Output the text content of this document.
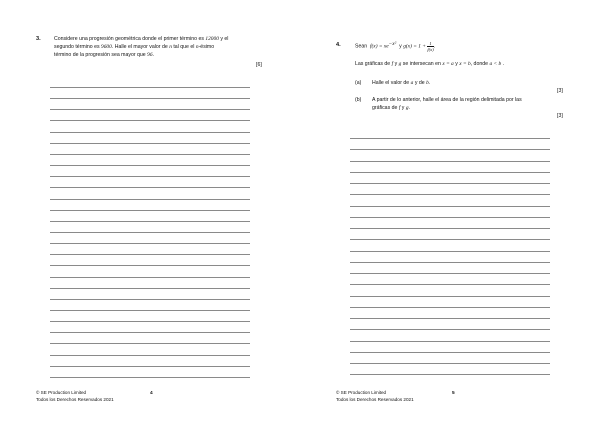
3.	Considere una progresión geométrica donde el primer término es 12000 y el
segundo término es 9600. Halle el mayor valor de n tal que el n-ésimo
término de la progresión sea mayor que 96.
[6]
© SE Production Limited
Todos los Derechos Reservados 2021
4
4.	Sean $f(x) = xe^{-x^2}$ y $g(x) = 1 + \frac{1}{f(x)}$ .
Las gráficas de f y g se intersecan en x = a y x = b, donde a < b .
(a) Halle el valor de a y de b.
[3]
(b) A partir de lo anterior, halle el área de la región delimitada por las
gráficas de f y g.
[3]
© SE Production Limited
Todos los Derechos Reservados 2021
5
